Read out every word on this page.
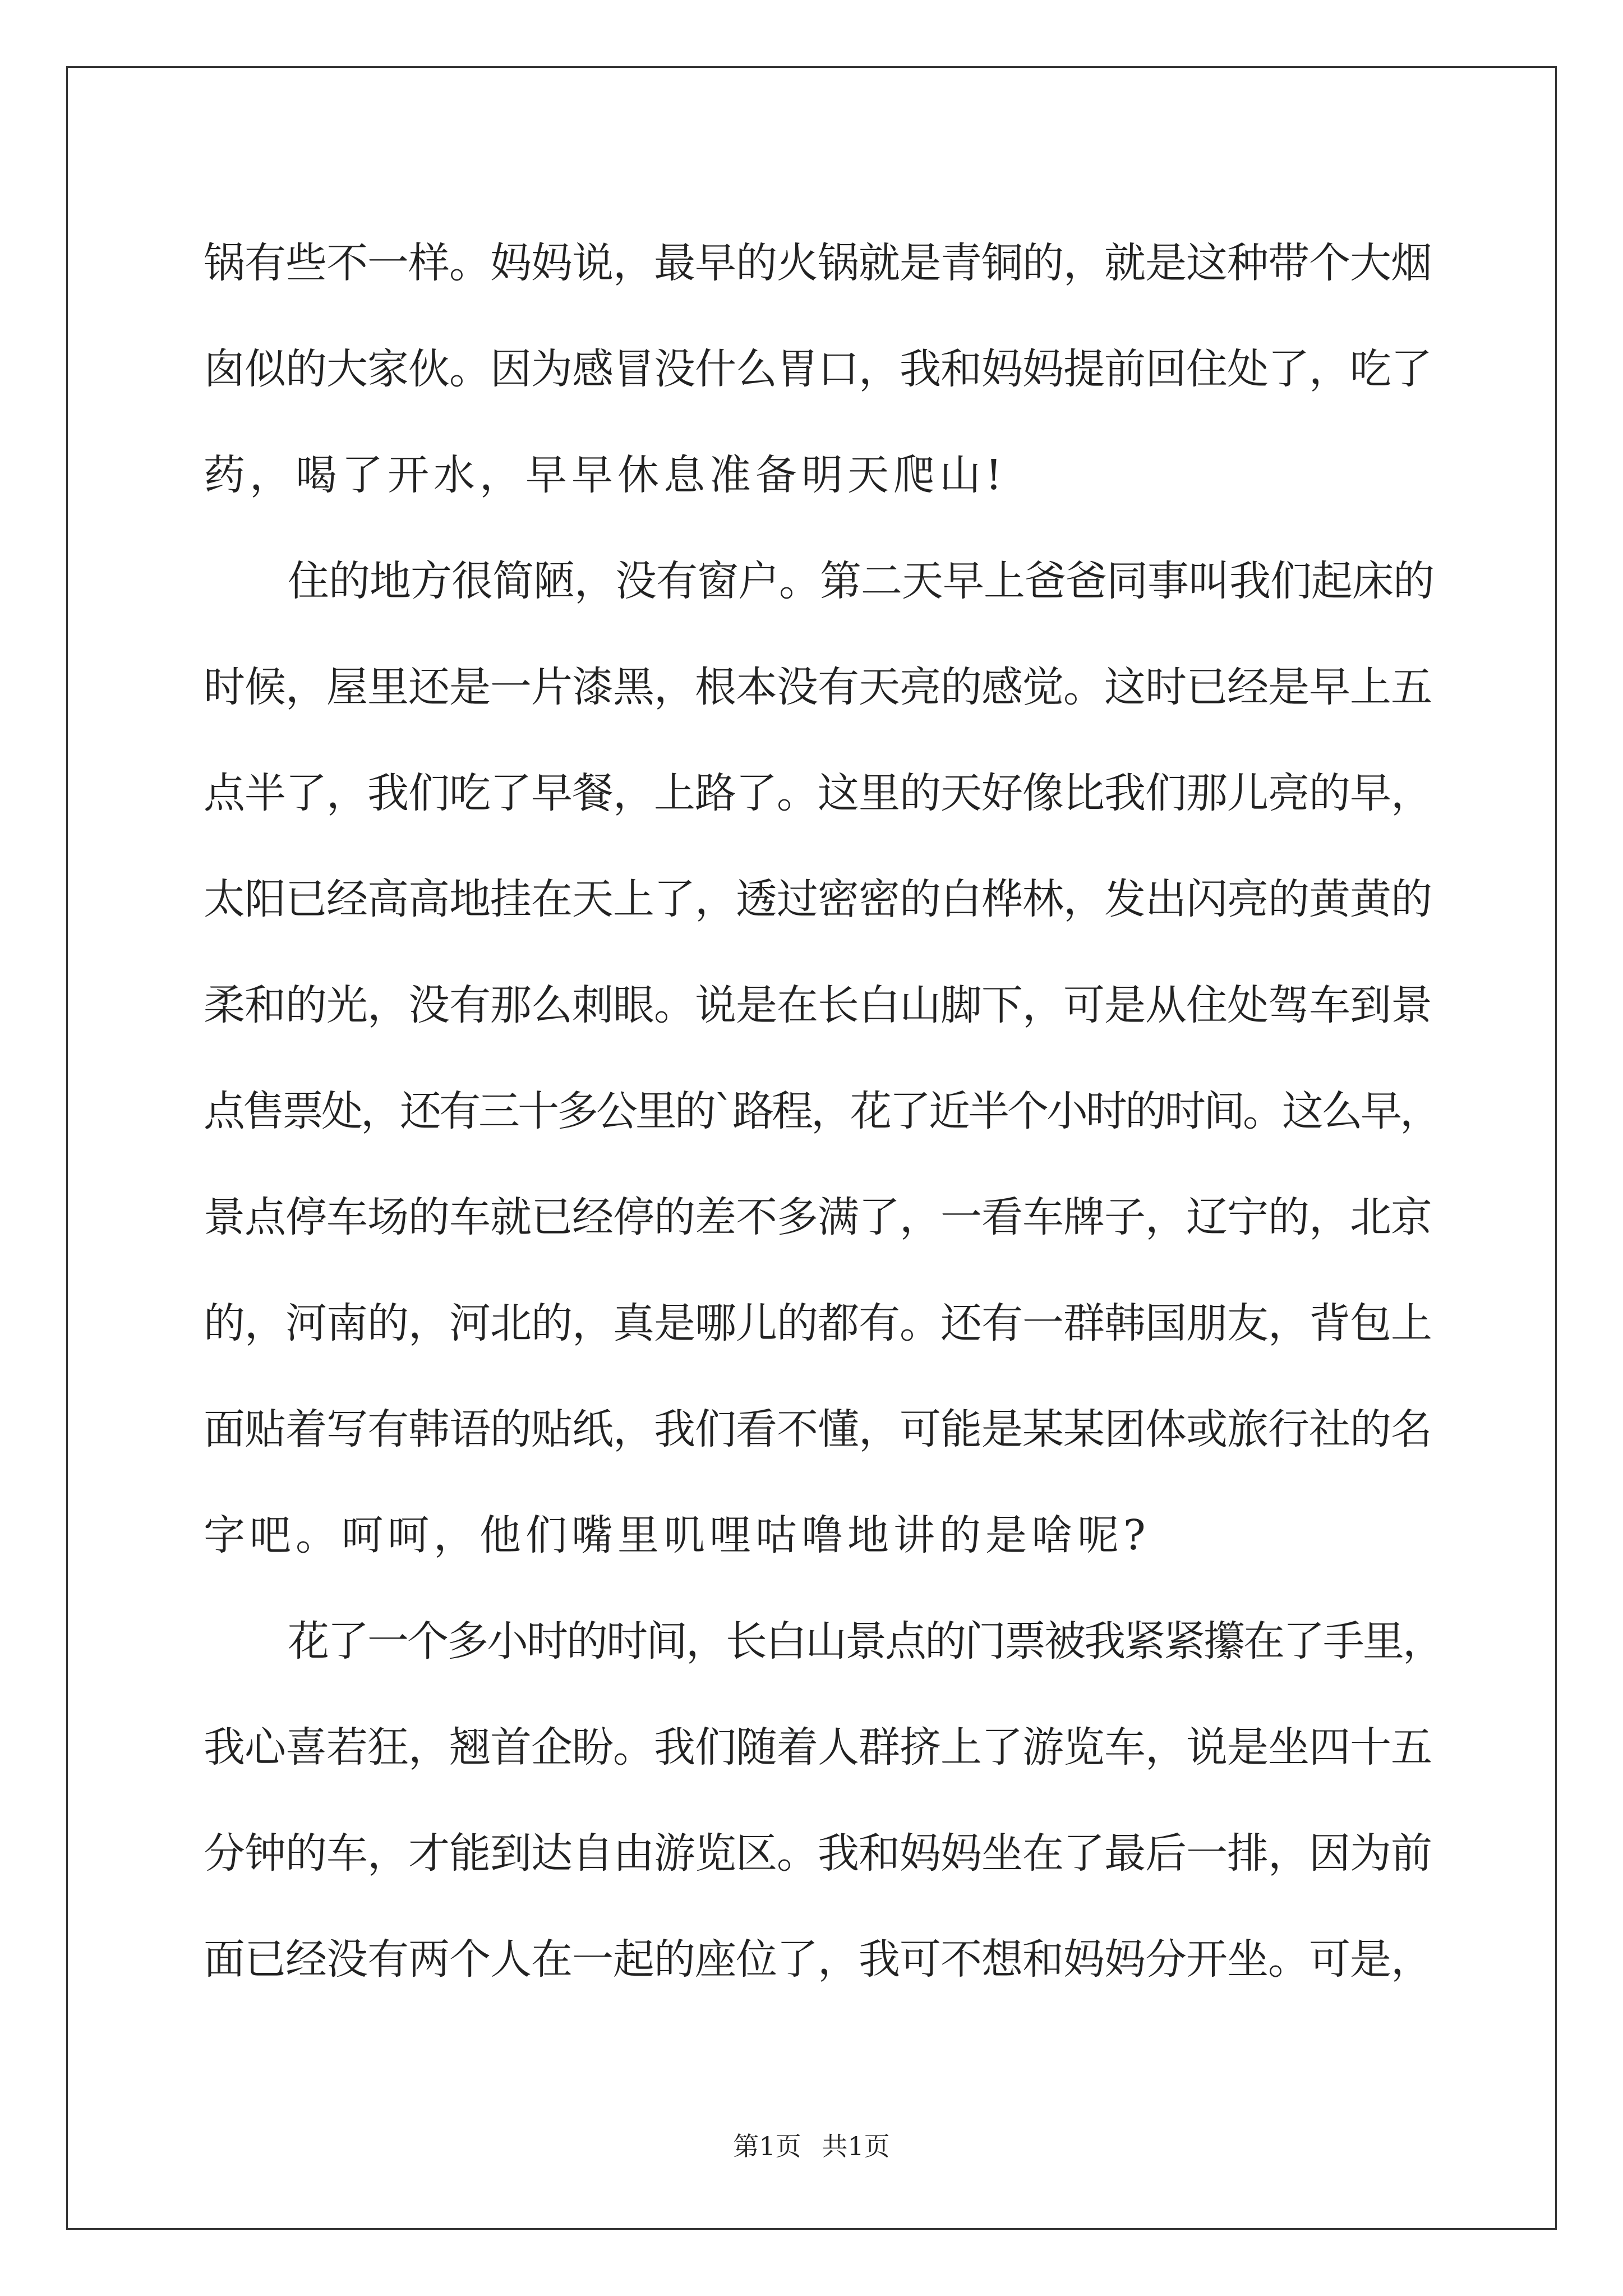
锅有些不一样。妈妈说，最早的火锅就是青铜的，就是这种带个大烟
囱似的大家伙。因为感冒没什么胃口，我和妈妈提前回住处了，吃了
药，喝了开水，早早休息准备明天爬山!
住的地方很简陋，没有窗户。第二天早上爸爸同事叫我们起床的
时候，屋里还是一片漆黑，根本没有天亮的感觉。这时已经是早上五
点半了，我们吃了早餐，上路了。这里的天好像比我们那儿亮的早，
太阳已经高高地挂在天上了，透过密密的白桦林，发出闪亮的黄黄的
柔和的光，没有那么刺眼。说是在长白山脚下，可是从住处驾车到景
点售票处，还有三十多公里的`路程，花了近半个小时的时间。这么早，
景点停车场的车就已经停的差不多满了，一看车牌子，辽宁的，北京
的，河南的，河北的，真是哪儿的都有。还有一群韩国朋友，背包上
面贴着写有韩语的贴纸，我们看不懂，可能是某某团体或旅行社的名
字吧。呵呵，他们嘴里叽哩咕噜地讲的是啥呢?
花了一个多小时的时间，长白山景点的门票被我紧紧攥在了手里，
我心喜若狂，翘首企盼。我们随着人群挤上了游览车，说是坐四十五
分钟的车，才能到达自由游览区。我和妈妈坐在了最后一排，因为前
面已经没有两个人在一起的座位了，我可不想和妈妈分开坐。可是，
第1页 共1页
